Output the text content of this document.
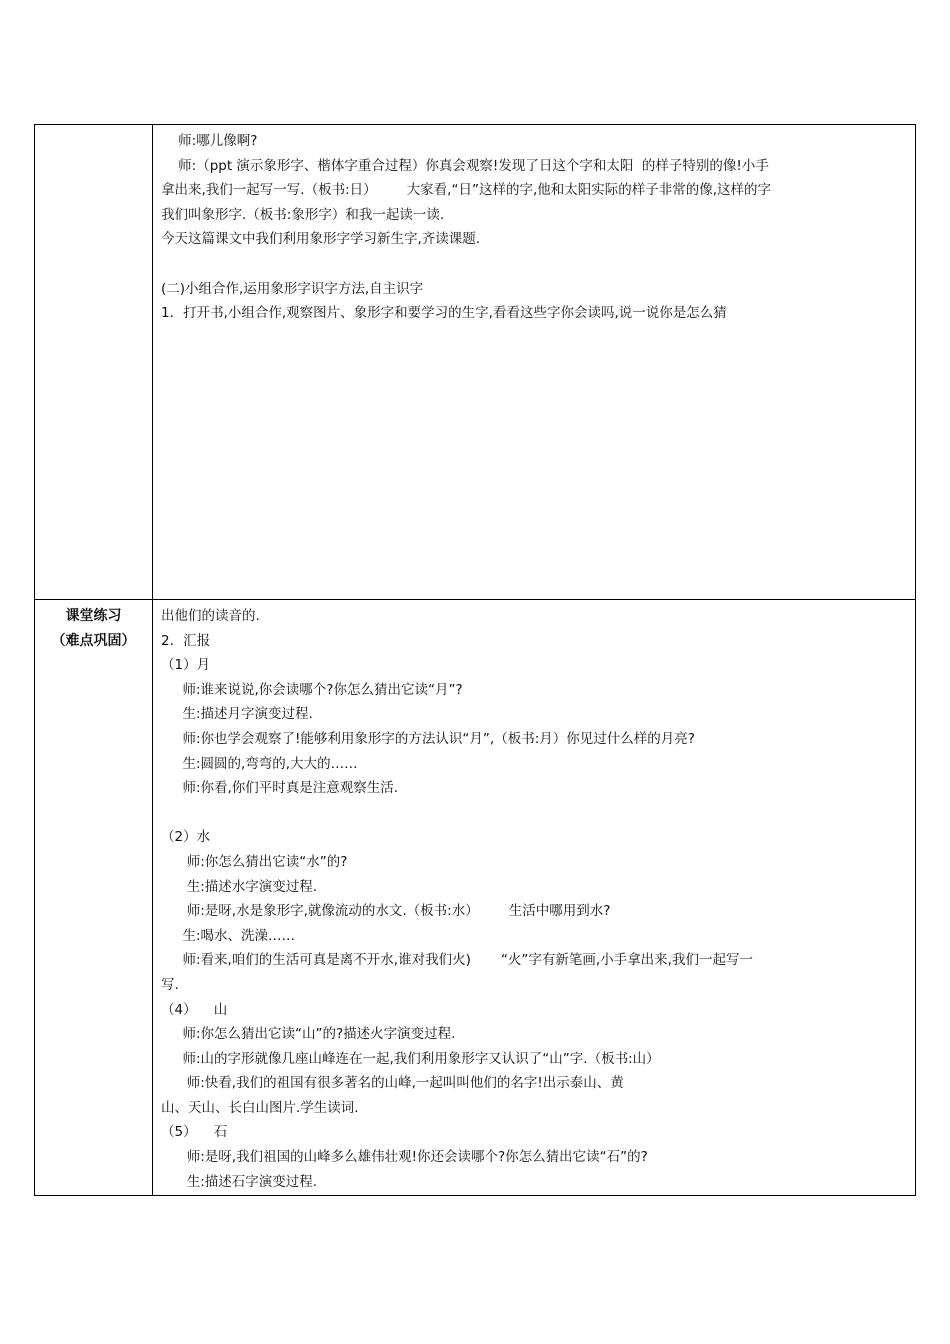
师:哪儿像啊?
师:（ppt 演示象形字、楷体字重合过程）你真会观察!发现了日这个字和太阳  的样子特别的像!小手
拿出来,我们一起写一写.（板书:日）       大家看,“日”这样的字,他和太阳实际的样子非常的像,这样的字
我们叫象形字.（板书:象形字）和我一起读一读.
今天这篇课文中我们利用象形字学习新生字,齐读课题.

(二)小组合作,运用象形字识字方法,自主识字
1．打开书,小组合作,观察图片、象形字和要学习的生字,看看这些字你会读吗,说一说你是怎么猜
课堂练习
（难点巩固）
出他们的读音的.
2．汇报
（1）月
师:谁来说说,你会读哪个?你怎么猜出它读“月”?
生:描述月字演变过程.
师:你也学会观察了!能够利用象形字的方法认识“月”,（板书:月）你见过什么样的月亮?
生:圆圆的,弯弯的,大大的……
师:你看,你们平时真是注意观察生活.

（2）水
师:你怎么猜出它读“水”的?
生:描述水字演变过程.
师:是呀,水是象形字,就像流动的水文.（板书:水）       生活中哪用到水?
生:喝水、洗澡……
师:看来,咱们的生活可真是离不开水,谁对我们火)       “火”字有新笔画,小手拿出来,我们一起写一
写.
（4）    山
师:你怎么猜出它读“山”的?描述火字演变过程.
师:山的字形就像几座山峰连在一起,我们利用象形字又认识了“山”字.（板书:山）
师:快看,我们的祖国有很多著名的山峰,一起叫叫他们的名字!出示泰山、黄
山、天山、长白山图片.学生读词.
（5）    石
师:是呀,我们祖国的山峰多么雄伟壮观!你还会读哪个?你怎么猜出它读“石”的?
生:描述石字演变过程.
